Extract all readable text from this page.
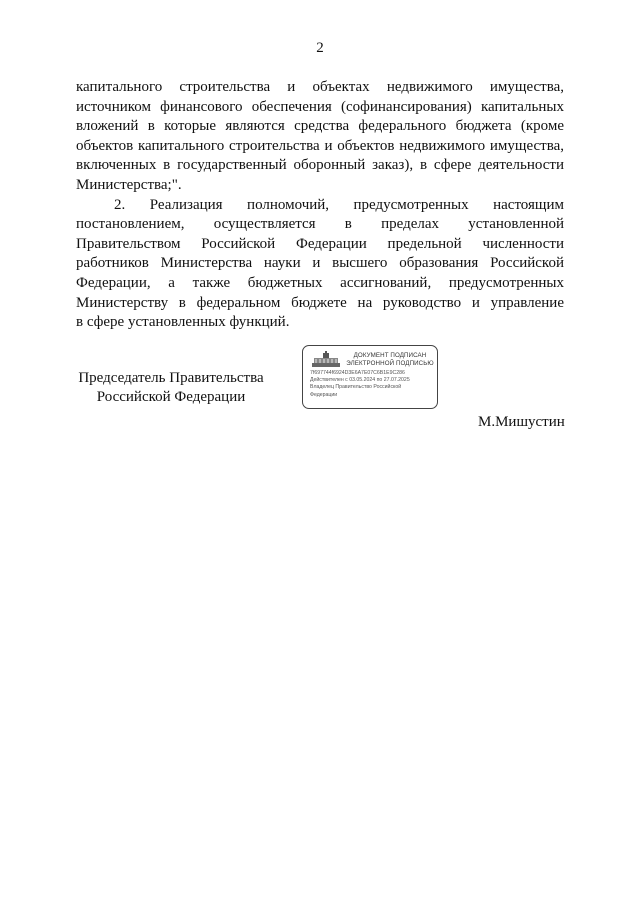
2
капитального строительства и объектах недвижимого имущества,
источником финансового обеспечения (софинансирования) капитальных
вложений в которые являются средства федерального бюджета (кроме
объектов капитального строительства и объектов недвижимого имущества,
включенных в государственный оборонный заказ), в сфере деятельности
Министерства;".
2. Реализация полномочий, предусмотренных настоящим
постановлением, осуществляется в пределах установленной
Правительством Российской Федерации предельной численности
работников Министерства науки и высшего образования Российской
Федерации, а также бюджетных ассигнований, предусмотренных
Министерству в федеральном бюджете на руководство и управление
в сфере установленных функций.
Председатель Правительства
Российской Федерации
ДОКУМЕНТ ПОДПИСАН
ЭЛЕКТРОННОЙ ПОДПИСЬЮ
7f697744f6924D3E6A7E07C6B1E9C286
Действителен с 03.05.2024 по 27.07.2025
Владелец Правительство Российской
Федерации
М.Мишустин
